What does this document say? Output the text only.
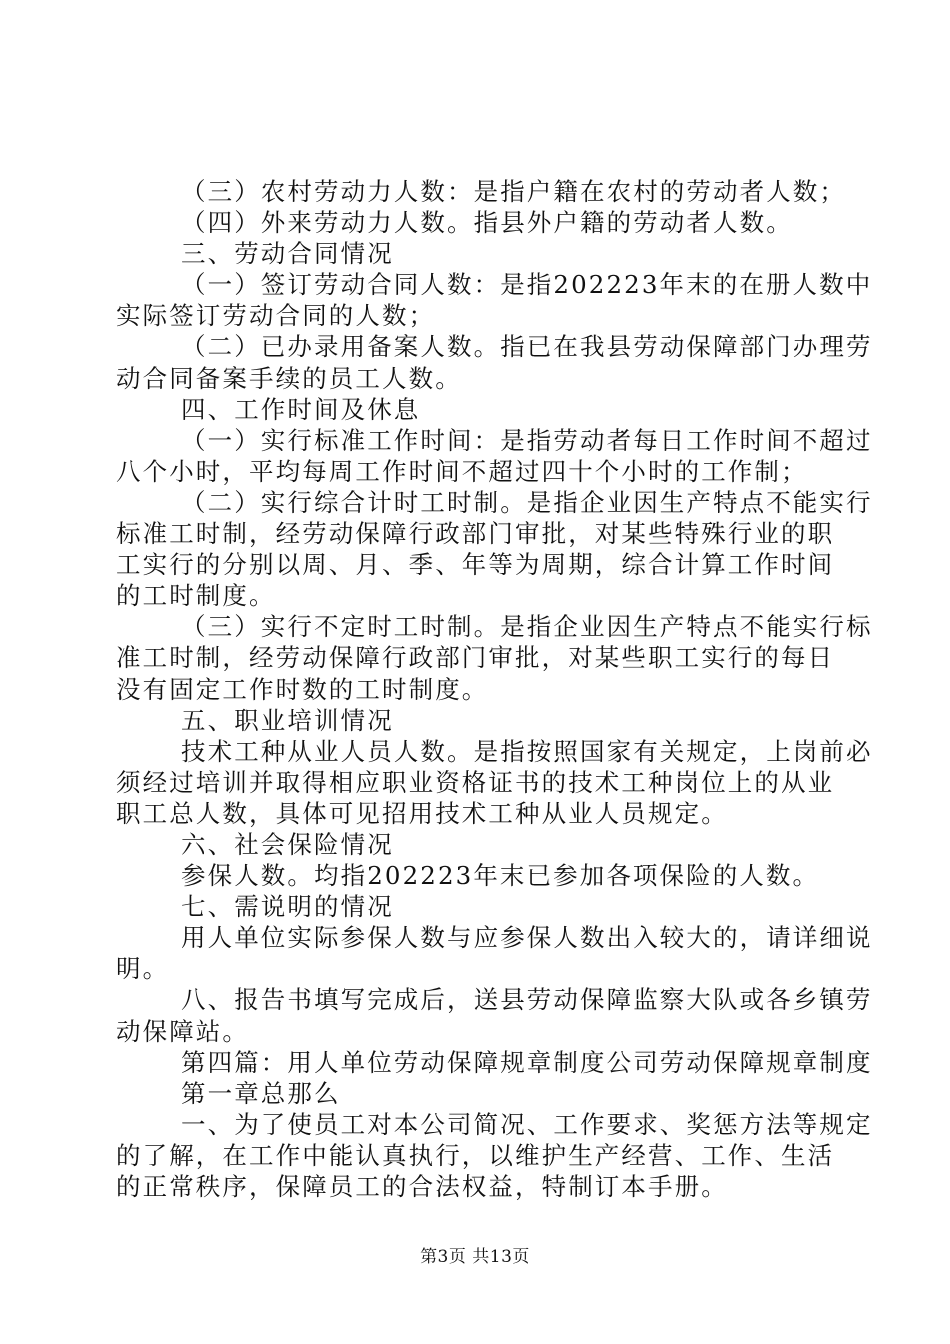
（三）农村劳动力人数：是指户籍在农村的劳动者人数；
（四）外来劳动力人数。指县外户籍的劳动者人数。
三、劳动合同情况
（一）签订劳动合同人数：是指202223年末的在册人数中
实际签订劳动合同的人数；
（二）已办录用备案人数。指已在我县劳动保障部门办理劳
动合同备案手续的员工人数。
四、工作时间及休息
（一）实行标准工作时间：是指劳动者每日工作时间不超过
八个小时，平均每周工作时间不超过四十个小时的工作制；
（二）实行综合计时工时制。是指企业因生产特点不能实行
标准工时制，经劳动保障行政部门审批，对某些特殊行业的职
工实行的分别以周、月、季、年等为周期，综合计算工作时间
的工时制度。
（三）实行不定时工时制。是指企业因生产特点不能实行标
准工时制，经劳动保障行政部门审批，对某些职工实行的每日
没有固定工作时数的工时制度。
五、职业培训情况
技术工种从业人员人数。是指按照国家有关规定，上岗前必
须经过培训并取得相应职业资格证书的技术工种岗位上的从业
职工总人数，具体可见招用技术工种从业人员规定。
六、社会保险情况
参保人数。均指202223年末已参加各项保险的人数。
七、需说明的情况
用人单位实际参保人数与应参保人数出入较大的，请详细说
明。
八、报告书填写完成后，送县劳动保障监察大队或各乡镇劳
动保障站。
第四篇：用人单位劳动保障规章制度公司劳动保障规章制度
第一章总那么
一、为了使员工对本公司简况、工作要求、奖惩方法等规定
的了解，在工作中能认真执行，以维护生产经营、工作、生活
的正常秩序，保障员工的合法权益，特制订本手册。
第3页 共13页
